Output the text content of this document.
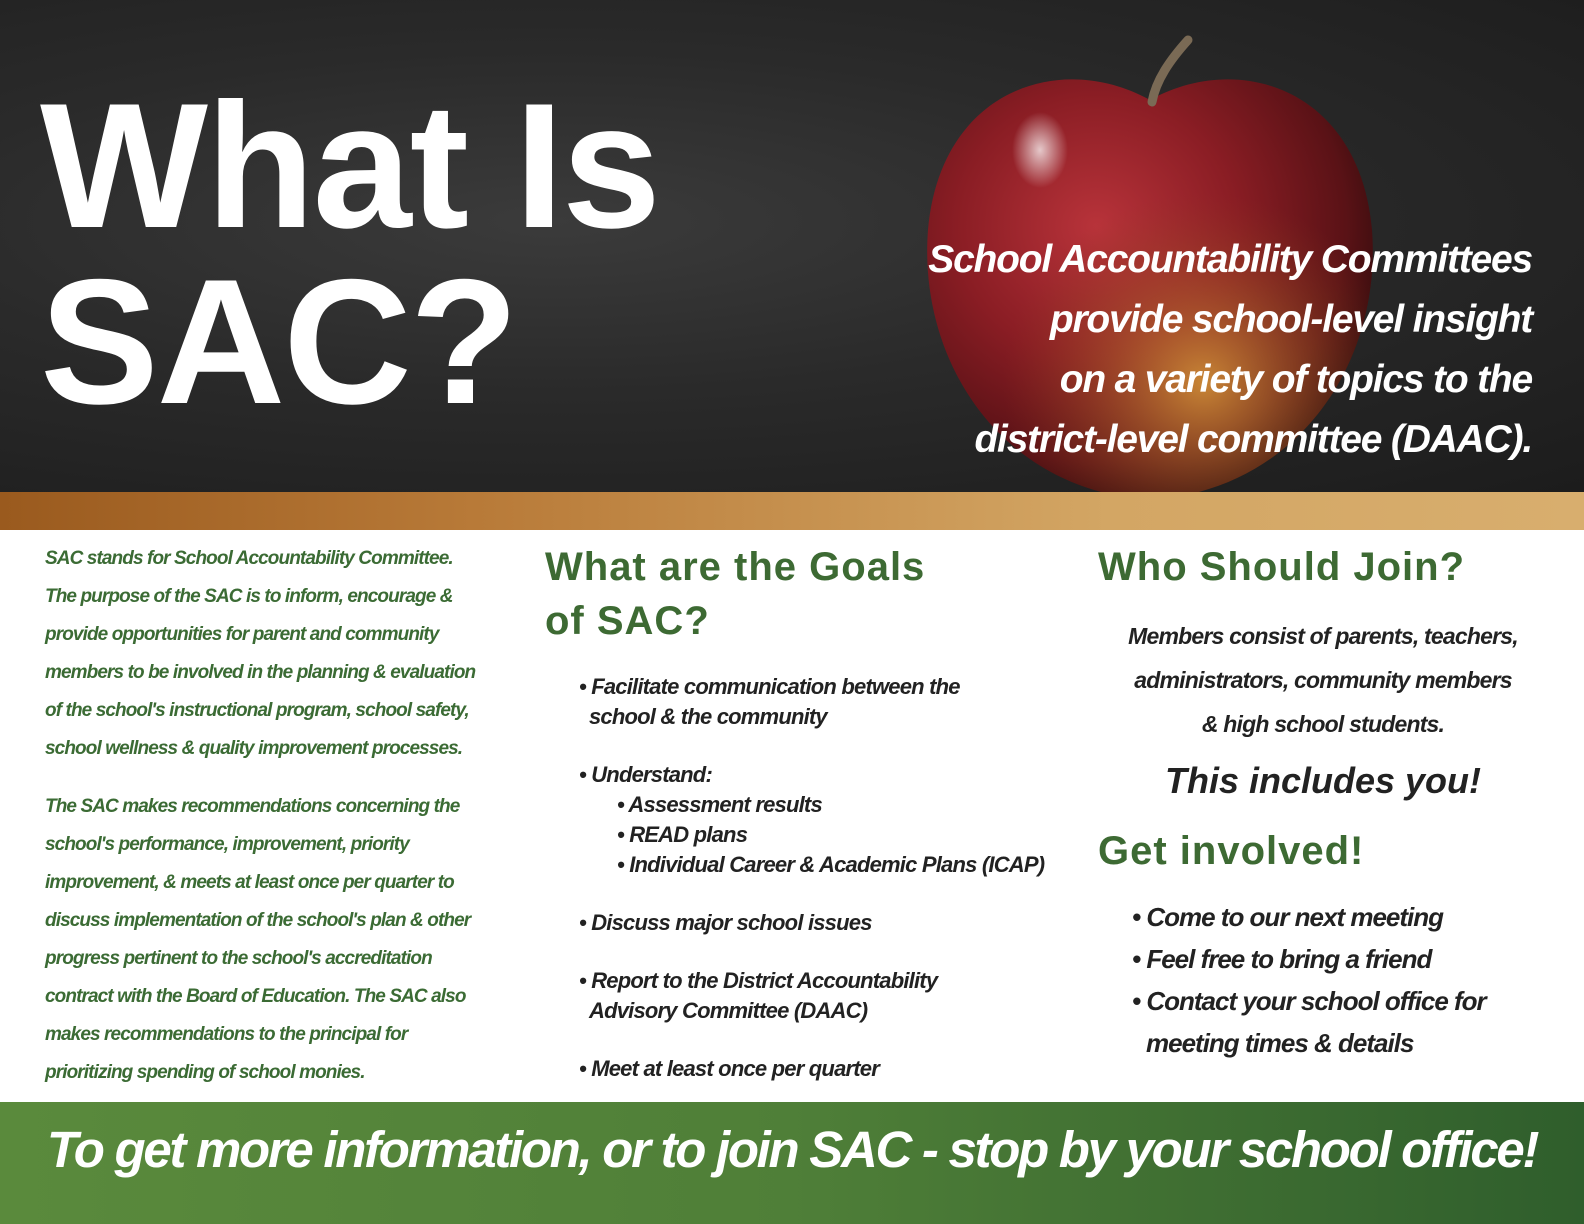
What Is
SAC?	School Accountability Committees
provide school-level insight
on a variety of topics to the
district-level committee (DAAC).

SAC stands for School Accountability Committee.
The purpose of the SAC is to inform, encourage &
provide opportunities for parent and community
members to be involved in the planning & evaluation
of the school's instructional program, school safety,
school wellness & quality improvement processes.

The SAC makes recommendations concerning the
school's performance, improvement, priority
improvement, & meets at least once per quarter to
discuss implementation of the school's plan & other
progress pertinent to the school's accreditation
contract with the Board of Education. The SAC also
makes recommendations to the principal for
prioritizing spending of school monies.

What are the Goals
of SAC?
• Facilitate communication between the
school & the community
• Understand:
• Assessment results
• READ plans
• Individual Career & Academic Plans (ICAP)
• Discuss major school issues
• Report to the District Accountability
Advisory Committee (DAAC)
• Meet at least once per quarter
Who Should Join?

Members consist of parents, teachers,
administrators, community members
& high school students.

This includes you!

Get involved!
• Come to our next meeting
• Feel free to bring a friend
• Contact your school office for
meeting times & details
To get more information, or to join SAC - stop by your school office!
